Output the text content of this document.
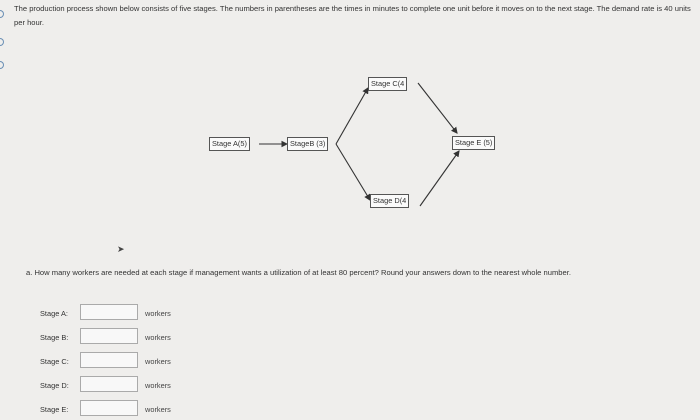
The production process shown below consists of five stages. The numbers in parentheses are the times in minutes to complete one unit before it moves on to the next stage. The demand rate is 40 units per hour.
Stage A(5)	StageB (3)
Stage C(4
Stage D(4
Stage E (5)
➤
a. How many workers are needed at each stage if management wants a utilization of at least 80 percent? Round your answers down to the nearest whole number.
Stage A:	workers
Stage B:	workers
Stage C:	workers
Stage D:	workers
Stage E:	workers
